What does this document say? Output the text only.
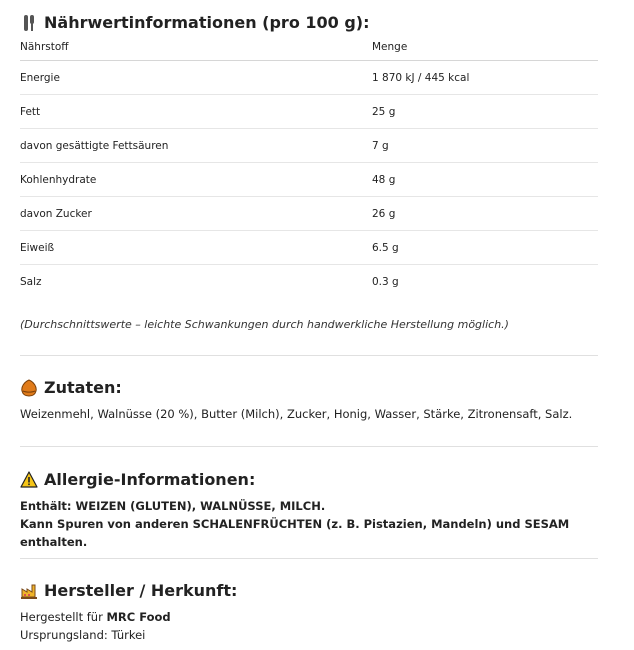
Nährwertinformationen (pro 100 g):
Nährstoff	Menge
Energie	1 870 kJ / 445 kcal
Fett	25 g
davon gesättigte Fettsäuren	7 g
Kohlenhydrate	48 g
davon Zucker	26 g
Eiweiß	6.5 g
Salz	0.3 g
(Durchschnittswerte – leichte Schwankungen durch handwerkliche Herstellung möglich.)
Zutaten:
Weizenmehl, Walnüsse (20 %), Butter (Milch), Zucker, Honig, Wasser, Stärke, Zitronensaft, Salz.
Allergie-Informationen:
Enthält: WEIZEN (GLUTEN), WALNÜSSE, MILCH.
Kann Spuren von anderen SCHALENFRÜCHTEN (z. B. Pistazien, Mandeln) und SESAM enthalten.
Hersteller / Herkunft:
Hergestellt für MRC Food
Ursprungsland: Türkei
